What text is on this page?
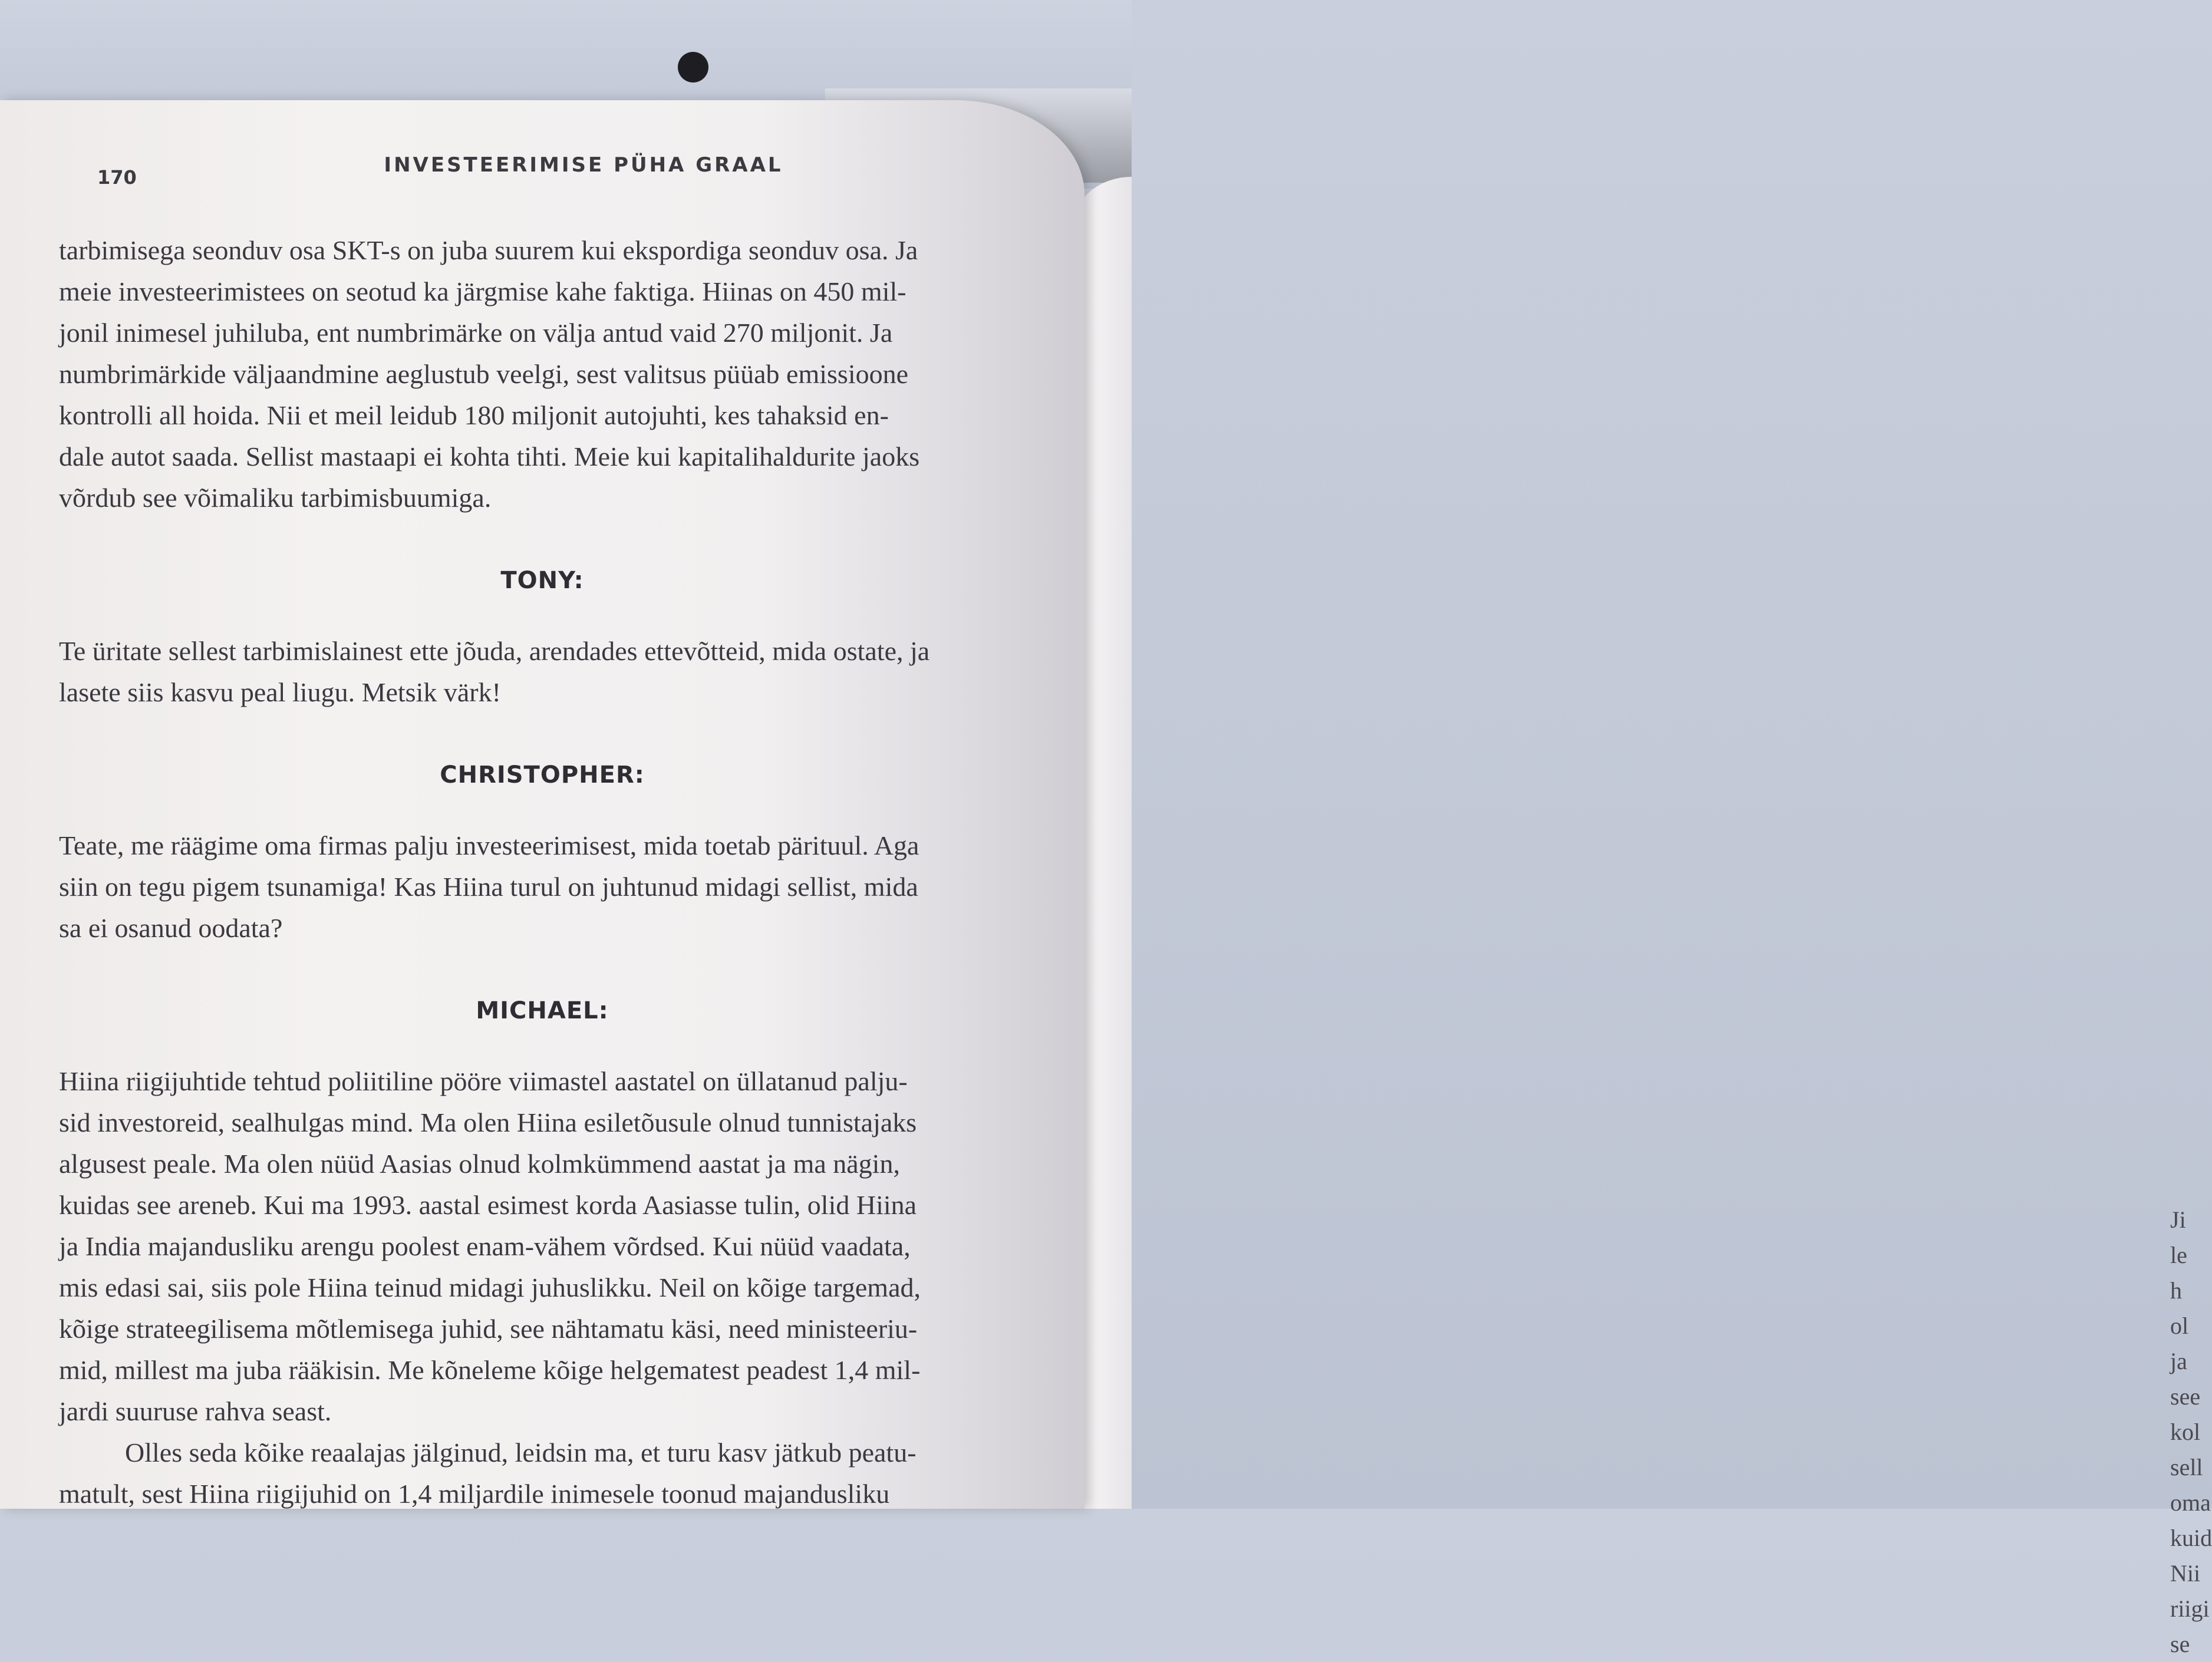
Ji
le
h
ol
ja
see
kol
sell
oma
kuid
Nii
riigi
se

170

INVESTEERIMISE PÜHA GRAAL

tarbimisega seonduv osa SKT-s on juba suurem kui ekspordiga seonduv osa. Ja
meie investeerimistees on seotud ka järgmise kahe faktiga. Hiinas on 450 mil-
jonil inimesel juhiluba, ent numbrimärke on välja antud vaid 270 miljonit. Ja
numbrimärkide väljaandmine aeglustub veelgi, sest valitsus püüab emissioone
kontrolli all hoida. Nii et meil leidub 180 miljonit autojuhti, kes tahaksid en-
dale autot saada. Sellist mastaapi ei kohta tihti. Meie kui kapitalihaldurite jaoks
võrdub see võimaliku tarbimisbuumiga.
TONY:
Te üritate sellest tarbimislainest ette jõuda, arendades ettevõtteid, mida ostate, ja
lasete siis kasvu peal liugu. Metsik värk!
CHRISTOPHER:
Teate, me räägime oma firmas palju investeerimisest, mida toetab pärituul. Aga
siin on tegu pigem tsunamiga! Kas Hiina turul on juhtunud midagi sellist, mida
sa ei osanud oodata?
MICHAEL:
Hiina riigijuhtide tehtud poliitiline pööre viimastel aastatel on üllatanud palju-
sid investoreid, sealhulgas mind. Ma olen Hiina esiletõusule olnud tunnistajaks
algusest peale. Ma olen nüüd Aasias olnud kolmkümmend aastat ja ma nägin,
kuidas see areneb. Kui ma 1993. aastal esimest korda Aasiasse tulin, olid Hiina
ja India majandusliku arengu poolest enam-vähem võrdsed. Kui nüüd vaadata,
mis edasi sai, siis pole Hiina teinud midagi juhuslikku. Neil on kõige targemad,
kõige strateegilisema mõtlemisega juhid, see nähtamatu käsi, need ministeeriu-
mid, millest ma juba rääkisin. Me kõneleme kõige helgematest peadest 1,4 mil-
jardi suuruse rahva seast.
Olles seda kõike reaalajas jälginud, leidsin ma, et turu kasv jätkub peatu-
matult, sest Hiina riigijuhid on 1,4 miljardile inimesele toonud majandusliku
